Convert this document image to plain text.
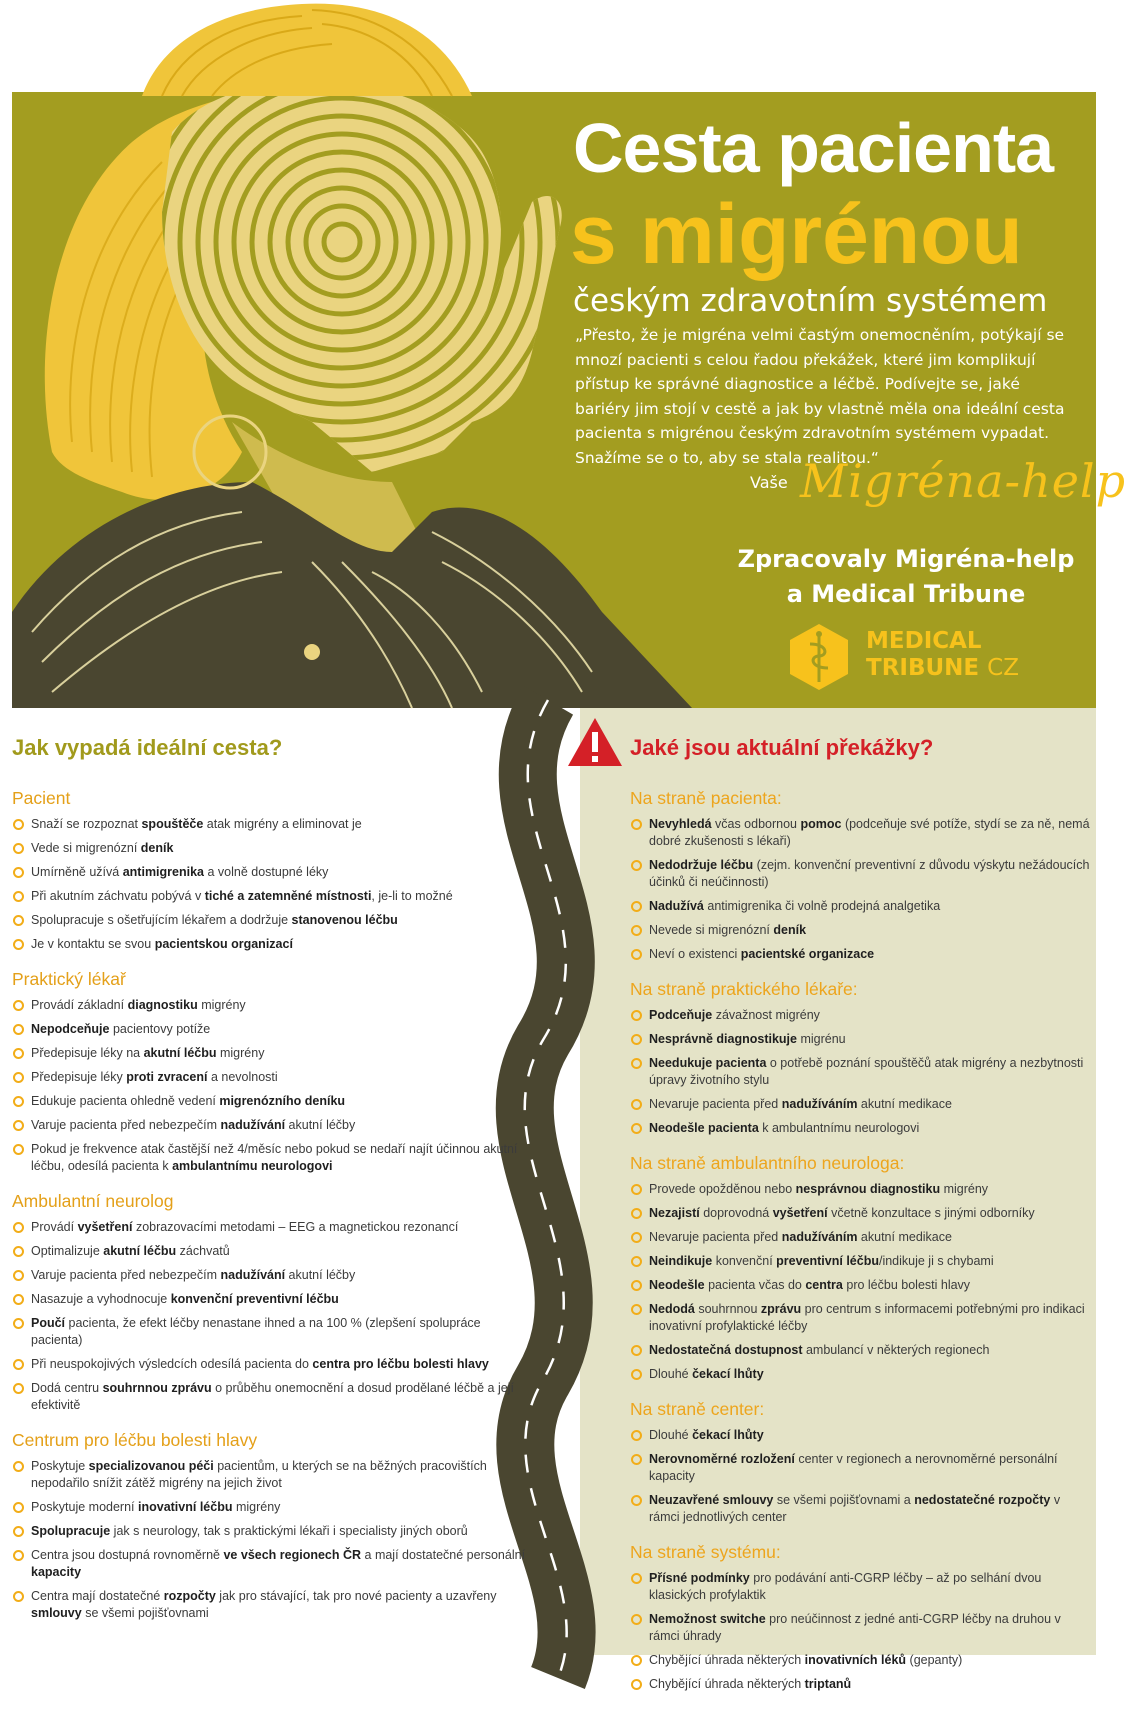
Cesta pacienta
s migrénou
českým zdravotním systémem
„Přesto, že je migréna velmi častým onemocněním, potýkají se mnozí pacienti s celou řadou překážek, které jim komplikují přístup ke správné diagnostice a léčbě. Podívejte se, jaké bariéry jim stojí v cestě a jak by vlastně měla ona ideální cesta pacienta s migrénou českým zdravotním systémem vypadat. Snažíme se o to, aby se stala realitou.“
Vaše Migréna-help
Zpracovaly Migréna-help
a Medical Tribune
MEDICAL
TRIBUNE CZ
Jak vypadá ideální cesta?
Pacient
Snaží se rozpoznat spouštěče atak migrény a eliminovat je
Vede si migrenózní deník
Umírněně užívá antimigrenika a volně dostupné léky
Při akutním záchvatu pobývá v tiché a zatemněné místnosti, je-li to možné
Spolupracuje s ošetřujícím lékařem a dodržuje stanovenou léčbu
Je v kontaktu se svou pacientskou organizací
Praktický lékař
Provádí základní diagnostiku migrény
Nepodceňuje pacientovy potíže
Předepisuje léky na akutní léčbu migrény
Předepisuje léky proti zvracení a nevolnosti
Edukuje pacienta ohledně vedení migrenózního deníku
Varuje pacienta před nebezpečím nadužívání akutní léčby
Pokud je frekvence atak častější než 4/měsíc nebo pokud se nedaří najít účinnou akutní léčbu, odesílá pacienta k ambulantnímu neurologovi
Ambulantní neurolog
Provádí vyšetření zobrazovacími metodami – EEG a magnetickou rezonancí
Optimalizuje akutní léčbu záchvatů
Varuje pacienta před nebezpečím nadužívání akutní léčby
Nasazuje a vyhodnocuje konvenční preventivní léčbu
Poučí pacienta, že efekt léčby nenastane ihned a na 100 % (zlepšení spolupráce pacienta)
Při neuspokojivých výsledcích odesílá pacienta do centra pro léčbu bolesti hlavy
Dodá centru souhrnnou zprávu o průběhu onemocnění a dosud prodělané léčbě a její efektivitě
Centrum pro léčbu bolesti hlavy
Poskytuje specializovanou péči pacientům, u kterých se na běžných pracovištích nepodařilo snížit zátěž migrény na jejich život
Poskytuje moderní inovativní léčbu migrény
Spolupracuje jak s neurology, tak s praktickými lékaři i specialisty jiných oborů
Centra jsou dostupná rovnoměrně ve všech regionech ČR a mají dostatečné personální kapacity
Centra mají dostatečné rozpočty jak pro stávající, tak pro nové pacienty a uzavřeny smlouvy se všemi pojišťovnami
Jaké jsou aktuální překážky?
Na straně pacienta:
Nevyhledá včas odbornou pomoc (podceňuje své potíže, stydí se za ně, nemá dobré zkušenosti s lékaři)
Nedodržuje léčbu (zejm. konvenční preventivní z důvodu výskytu nežádoucích účinků či neúčinnosti)
Nadužívá antimigrenika či volně prodejná analgetika
Nevede si migrenózní deník
Neví o existenci pacientské organizace
Na straně praktického lékaře:
Podceňuje závažnost migrény
Nesprávně diagnostikuje migrénu
Needukuje pacienta o potřebě poznání spouštěčů atak migrény a nezbytnosti úpravy životního stylu
Nevaruje pacienta před nadužíváním akutní medikace
Neodešle pacienta k ambulantnímu neurologovi
Na straně ambulantního neurologa:
Provede opožděnou nebo nesprávnou diagnostiku migrény
Nezajistí doprovodná vyšetření včetně konzultace s jinými odborníky
Nevaruje pacienta před nadužíváním akutní medikace
Neindikuje konvenční preventivní léčbu/indikuje ji s chybami
Neodešle pacienta včas do centra pro léčbu bolesti hlavy
Nedodá souhrnnou zprávu pro centrum s informacemi potřebnými pro indikaci inovativní profylaktické léčby
Nedostatečná dostupnost ambulancí v některých regionech
Dlouhé čekací lhůty
Na straně center:
Dlouhé čekací lhůty
Nerovnoměrné rozložení center v regionech a nerovnoměrné personální kapacity
Neuzavřené smlouvy se všemi pojišťovnami a nedostatečné rozpočty v rámci jednotlivých center
Na straně systému:
Přísné podmínky pro podávání anti-CGRP léčby – až po selhání dvou klasických profylaktik
Nemožnost switche pro neúčinnost z jedné anti-CGRP léčby na druhou v rámci úhrady
Chybějící úhrada některých inovativních léků (gepanty)
Chybějící úhrada některých triptanů
